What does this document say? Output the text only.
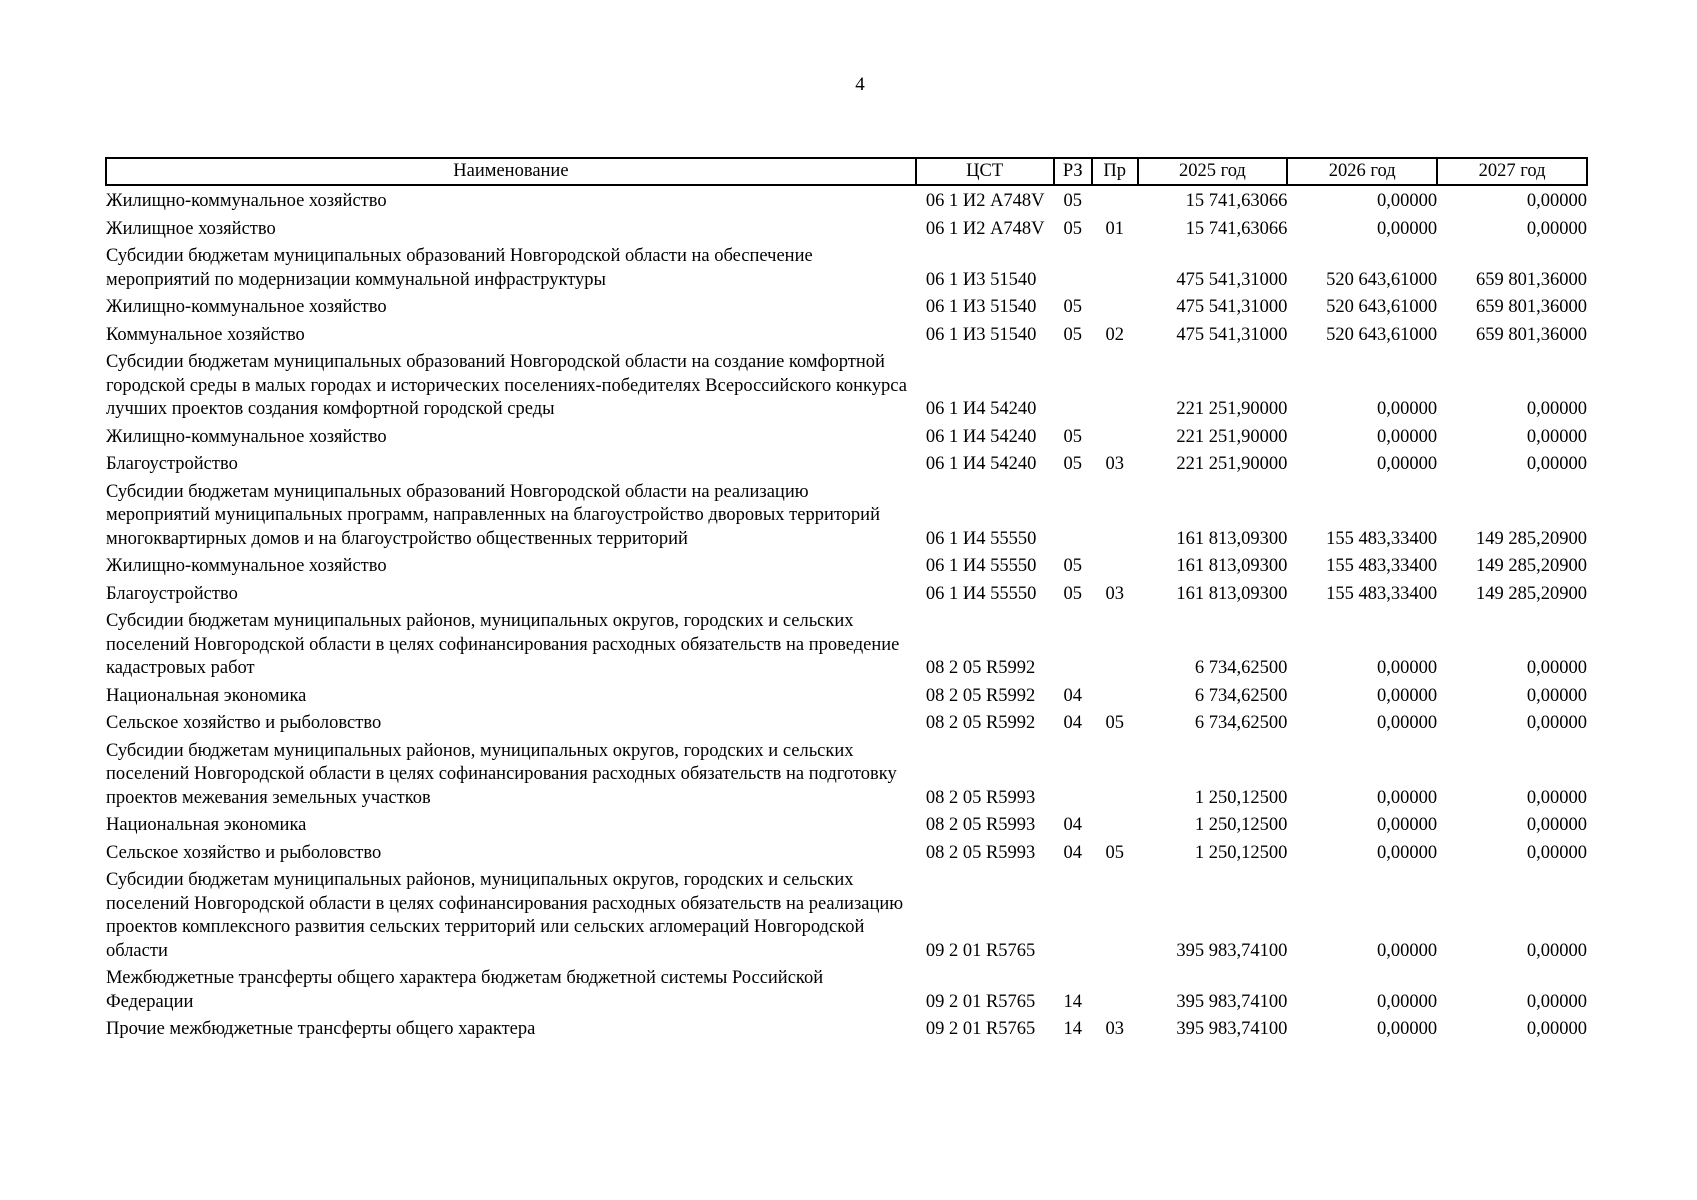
4
Наименование	ЦСТ	РЗ	Пр	2025 год	2026 год	2027 год
Жилищно-коммунальное хозяйство	06 1 И2 А748V	05		15 741,63066	0,00000	0,00000
Жилищное хозяйство	06 1 И2 А748V	05	01	15 741,63066	0,00000	0,00000
Субсидии бюджетам муниципальных образований Новгородской области на обеспечение мероприятий по модернизации коммунальной инфраструктуры	06 1 И3 51540			475 541,31000	520 643,61000	659 801,36000
Жилищно-коммунальное хозяйство	06 1 И3 51540	05		475 541,31000	520 643,61000	659 801,36000
Коммунальное хозяйство	06 1 И3 51540	05	02	475 541,31000	520 643,61000	659 801,36000
Субсидии бюджетам муниципальных образований Новгородской области на создание комфортной городской среды в малых городах и исторических поселениях-победителях Всероссийского конкурса лучших проектов создания комфортной городской среды	06 1 И4 54240			221 251,90000	0,00000	0,00000
Жилищно-коммунальное хозяйство	06 1 И4 54240	05		221 251,90000	0,00000	0,00000
Благоустройство	06 1 И4 54240	05	03	221 251,90000	0,00000	0,00000
Субсидии бюджетам муниципальных образований Новгородской области на реализацию мероприятий муниципальных программ, направленных на благоустройство дворовых территорий многоквартирных домов и на благоустройство общественных территорий	06 1 И4 55550			161 813,09300	155 483,33400	149 285,20900
Жилищно-коммунальное хозяйство	06 1 И4 55550	05		161 813,09300	155 483,33400	149 285,20900
Благоустройство	06 1 И4 55550	05	03	161 813,09300	155 483,33400	149 285,20900
Субсидии бюджетам муниципальных районов, муниципальных округов, городских и сельских поселений Новгородской области в целях софинансирования расходных обязательств на проведение кадастровых работ	08 2 05 R5992			6 734,62500	0,00000	0,00000
Национальная экономика	08 2 05 R5992	04		6 734,62500	0,00000	0,00000
Сельское хозяйство и рыболовство	08 2 05 R5992	04	05	6 734,62500	0,00000	0,00000
Субсидии бюджетам муниципальных районов, муниципальных округов, городских и сельских поселений Новгородской области в целях софинансирования расходных обязательств на подготовку проектов межевания земельных участков	08 2 05 R5993			1 250,12500	0,00000	0,00000
Национальная экономика	08 2 05 R5993	04		1 250,12500	0,00000	0,00000
Сельское хозяйство и рыболовство	08 2 05 R5993	04	05	1 250,12500	0,00000	0,00000
Субсидии бюджетам муниципальных районов, муниципальных округов, городских и сельских поселений Новгородской области в целях софинансирования расходных обязательств на реализацию проектов комплексного развития сельских территорий или сельских агломераций Новгородской области	09 2 01 R5765			395 983,74100	0,00000	0,00000
Межбюджетные трансферты общего характера бюджетам бюджетной системы Российской Федерации	09 2 01 R5765	14		395 983,74100	0,00000	0,00000
Прочие межбюджетные трансферты общего характера	09 2 01 R5765	14	03	395 983,74100	0,00000	0,00000
